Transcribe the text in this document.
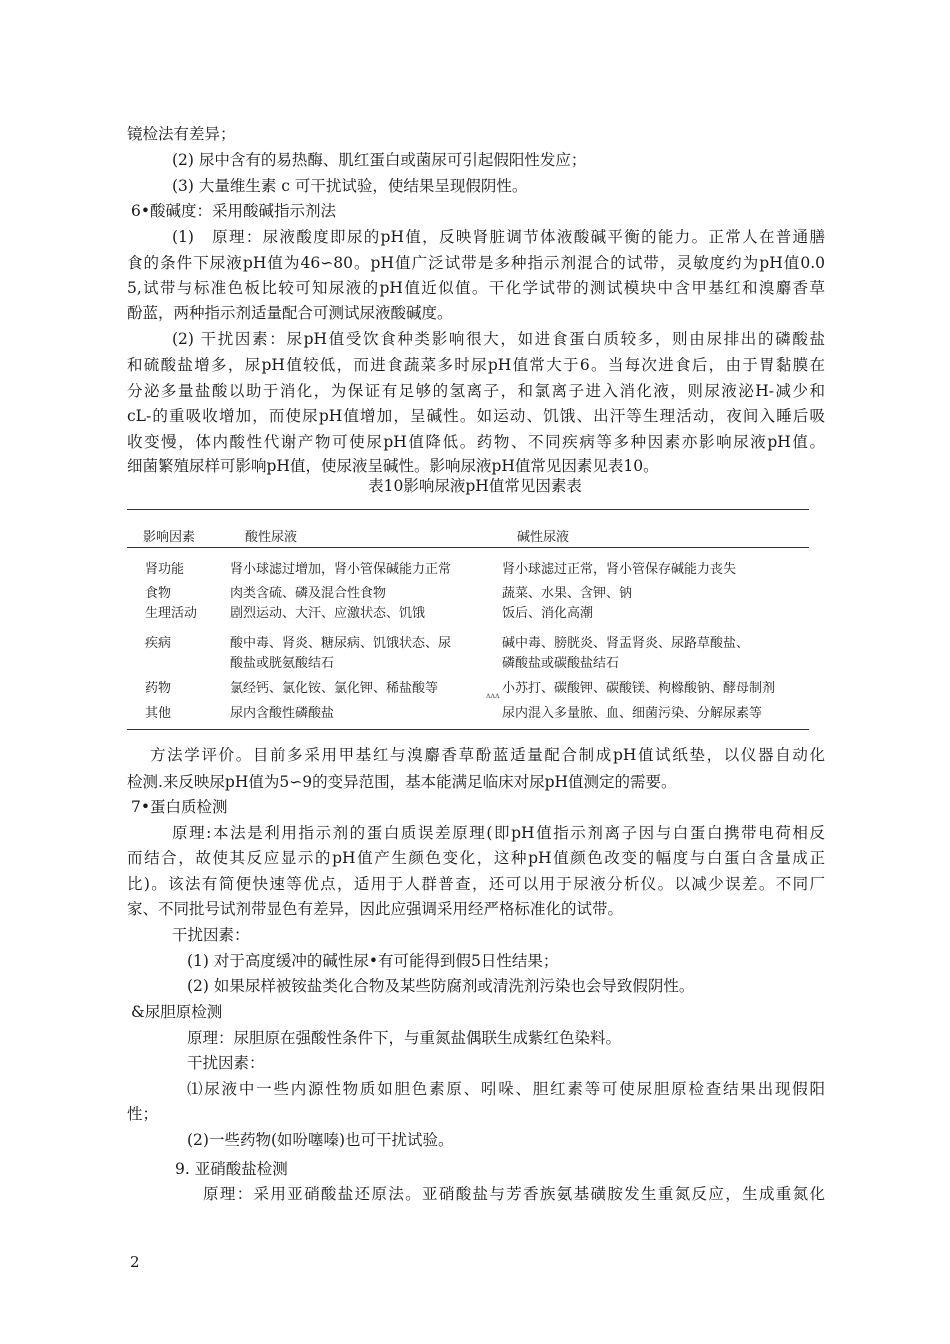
镜检法有差异；
(2) 尿中含有的易热酶、肌红蛋白或菌尿可引起假阳性发应；
(3) 大量维生素 c 可干扰试验，使结果呈现假阴性。
6•酸碱度：采用酸碱指示剂法
(1)　原理：尿液酸度即尿的pH值，反映肾脏调节体液酸碱平衡的能力。正常人在普通膳
食的条件下尿液pH值为46∽80。pH值广泛试带是多种指示剂混合的试带，灵敏度约为pH值0.0
5,试带与标准色板比较可知尿液的pH值近似值。干化学试带的测试模块中含甲基红和溴麝香草
酚蓝，两种指示剂适量配合可测试尿液酸碱度。
(2) 干扰因素：尿pH值受饮食种类影响很大，如进食蛋白质较多，则由尿排出的磷酸盐
和硫酸盐增多，尿pH值较低，而进食蔬菜多时尿pH值常大于6。当每次进食后，由于胃黏膜在
分泌多量盐酸以助于消化，为保证有足够的氢离子，和氯离子进入消化液，则尿液泌H-减少和
cL-的重吸收增加，而使尿pH值增加，呈碱性。如运动、饥饿、出汗等生理活动，夜间入睡后吸
收变慢，体内酸性代谢产物可使尿pH值降低。药物、不同疾病等多种因素亦影响尿液pH值。
细菌繁殖尿样可影响pH值，使尿液呈碱性。影响尿液pH值常见因素见表10。
表10影响尿液pH值常见因素表
影响因素	酸性尿液	碱性尿液
肾功能	肾小球滤过增加，肾小管保碱能力正常	肾小球滤过正常，肾小管保存碱能力丧失
食物	肉类含硫、磷及混合性食物	蔬菜、水果、含钾、钠
生理活动	剧烈运动、大汗、应激状态、饥饿	饭后、消化高潮
疾病	酸中毒、肾炎、糖尿病、饥饿状态、尿	碱中毒、膀胱炎、肾盂肾炎、尿路草酸盐、
酸盐或胱氨酸结石	磷酸盐或碳酸盐结石
药物	氯经钙、氯化铵、氯化钾、稀盐酸等	ʌʌʌ 小苏打、碳酸钾、碳酸镁、枸橼酸钠、酵母制剂
其他	尿内含酸性磷酸盐	尿内混入多量脓、血、细菌污染、分解尿素等
方法学评价。目前多采用甲基红与溴麝香草酚蓝适量配合制成pH值试纸垫，以仪器自动化
检测.来反映尿pH值为5∽9的变异范围，基本能满足临床对尿pH值测定的需要。
7•蛋白质检测
原理:本法是利用指示剂的蛋白质误差原理(即pH值指示剂离子因与白蛋白携带电荷相反
而结合，故使其反应显示的pH值产生颜色变化，这种pH值颜色改变的幅度与白蛋白含量成正
比)。该法有简便快速等优点，适用于人群普查，还可以用于尿液分析仪。以减少误差。不同厂
家、不同批号试剂带显色有差异，因此应强调采用经严格标准化的试带。
干扰因素：
(1) 对于高度缓冲的碱性尿•有可能得到假5日性结果；
(2) 如果尿样被铵盐类化合物及某些防腐剂或清洗剂污染也会导致假阴性。
&尿胆原检测
原理：尿胆原在强酸性条件下，与重氮盐偶联生成紫红色染料。
干扰因素：
⑴尿液中一些内源性物质如胆色素原、吲哚、胆红素等可使尿胆原检查结果出现假阳
性；
(2)一些药物(如吩噻嗪)也可干扰试验。
9. 亚硝酸盐检测
原理：采用亚硝酸盐还原法。亚硝酸盐与芳香族氨基磺胺发生重氮反应，生成重氮化
2
